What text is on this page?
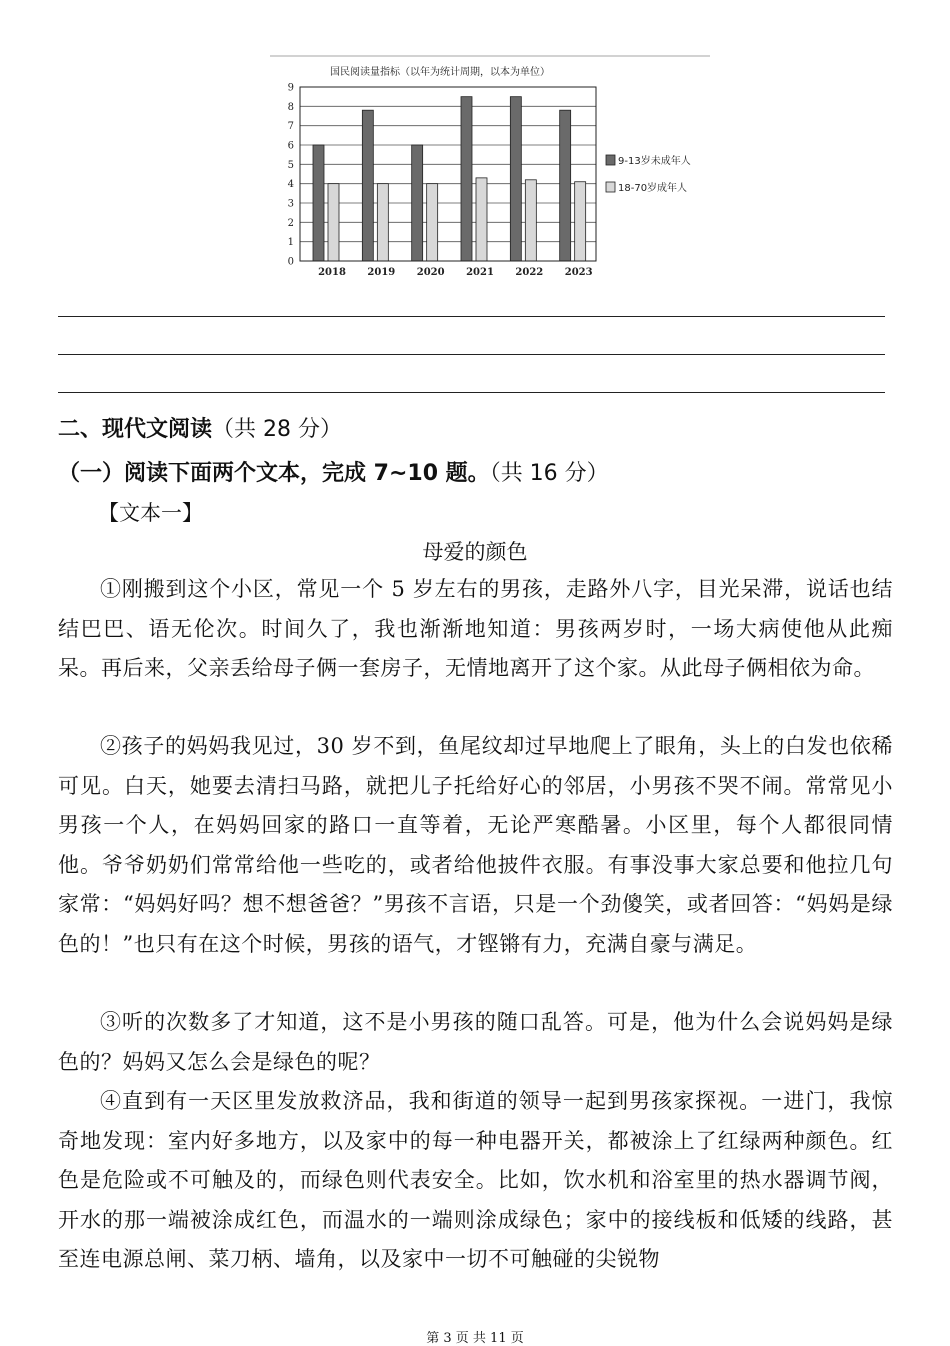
国民阅读量指标（以年为统计周期，以本为单位）
0
1
2
3
4
5
6
7
8
9
2018 2019 2020 2021 2022 2023
9-13岁未成年人
18-70岁成年人
二、现代文阅读（共 28 分）
（一）阅读下面两个文本，完成 7~10 题。（共 16 分）
【文本一】
母爱的颜色

①刚搬到这个小区，常见一个 5 岁左右的男孩，走路外八字，目光呆滞，说话也结结巴巴、语无伦次。时间久了，我也渐渐地知道：男孩两岁时，一场大病使他从此痴呆。再后来，父亲丢给母子俩一套房子，无情地离开了这个家。从此母子俩相依为命。

②孩子的妈妈我见过，30 岁不到，鱼尾纹却过早地爬上了眼角，头上的白发也依稀可见。白天，她要去清扫马路，就把儿子托给好心的邻居，小男孩不哭不闹。常常见小男孩一个人，在妈妈回家的路口一直等着，无论严寒酷暑。小区里，每个人都很同情他。爷爷奶奶们常常给他一些吃的，或者给他披件衣服。有事没事大家总要和他拉几句家常：“妈妈好吗？想不想爸爸？”男孩不言语，只是一个劲傻笑，或者回答：“妈妈是绿色的！”也只有在这个时候，男孩的语气，才铿锵有力，充满自豪与满足。

③听的次数多了才知道，这不是小男孩的随口乱答。可是，他为什么会说妈妈是绿色的？妈妈又怎么会是绿色的呢？

④直到有一天区里发放救济品，我和街道的领导一起到男孩家探视。一进门，我惊奇地发现：室内好多地方，以及家中的每一种电器开关，都被涂上了红绿两种颜色。红色是危险或不可触及的，而绿色则代表安全。比如，饮水机和浴室里的热水器调节阀，开水的那一端被涂成红色，而温水的一端则涂成绿色；家中的接线板和低矮的线路，甚至连电源总闸、菜刀柄、墙角，以及家中一切不可触碰的尖锐物

第 3 页 共 11 页
